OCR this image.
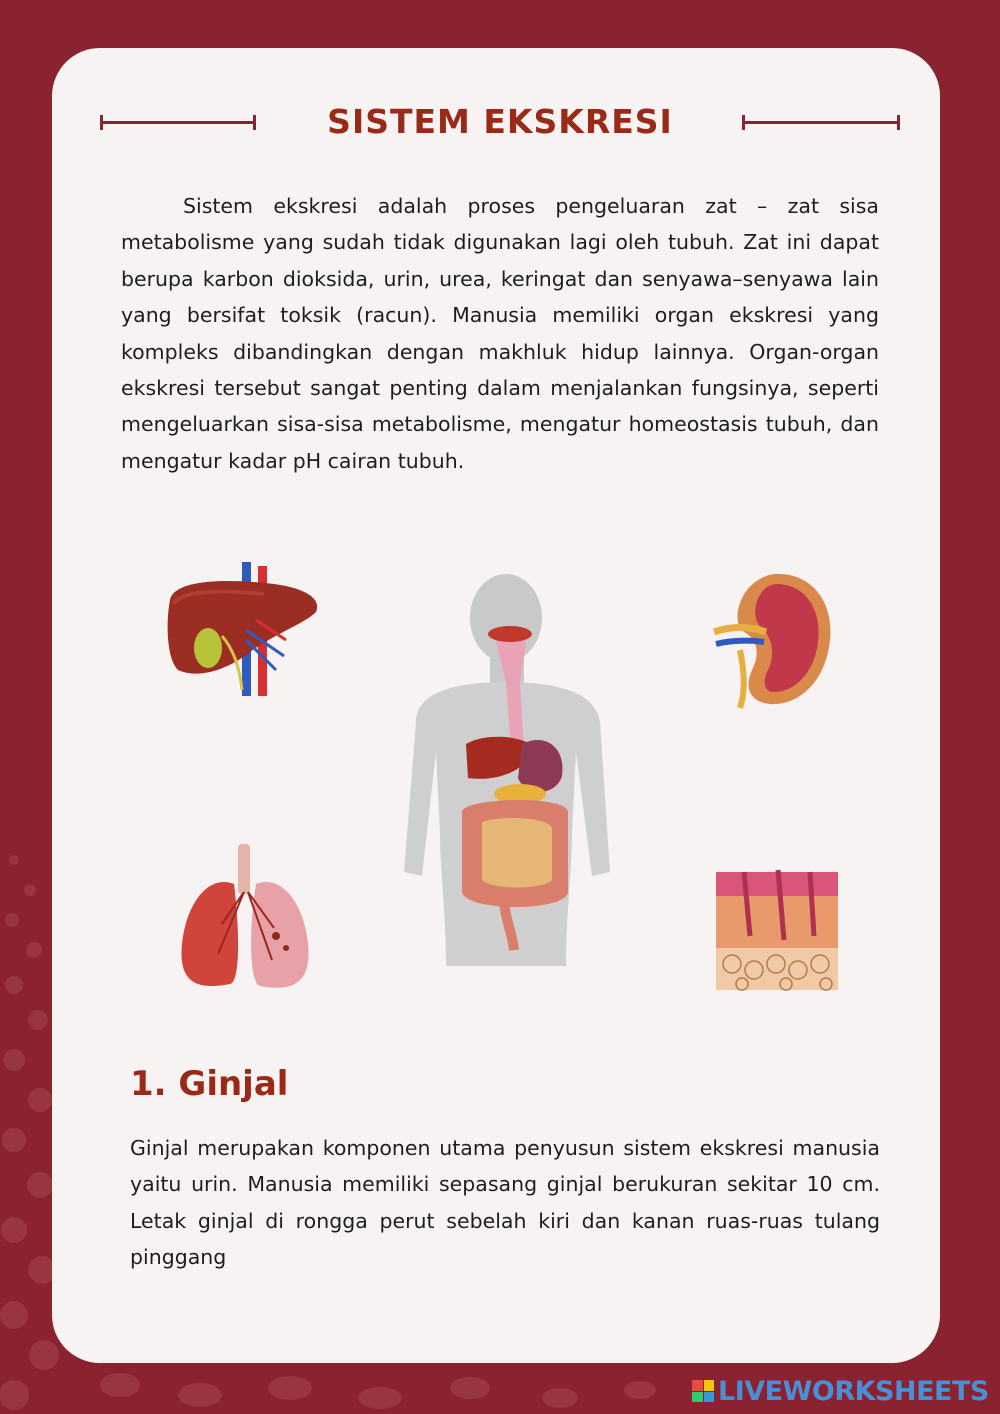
SISTEM EKSKRESI

Sistem ekskresi adalah proses pengeluaran zat – zat sisa metabolisme yang sudah tidak digunakan lagi oleh tubuh. Zat ini dapat berupa karbon dioksida, urin, urea, keringat dan senyawa–senyawa lain yang bersifat toksik (racun). Manusia memiliki organ ekskresi yang kompleks dibandingkan dengan makhluk hidup lainnya. Organ-organ ekskresi tersebut sangat penting dalam menjalankan fungsinya, seperti mengeluarkan sisa-sisa metabolisme, mengatur homeostasis tubuh, dan mengatur kadar pH cairan tubuh.

1. Ginjal

Ginjal merupakan komponen utama penyusun sistem ekskresi manusia yaitu urin. Manusia memiliki sepasang ginjal berukuran sekitar 10 cm. Letak ginjal di rongga perut sebelah kiri dan kanan ruas-ruas tulang pinggang

LIVEWORKSHEETS
